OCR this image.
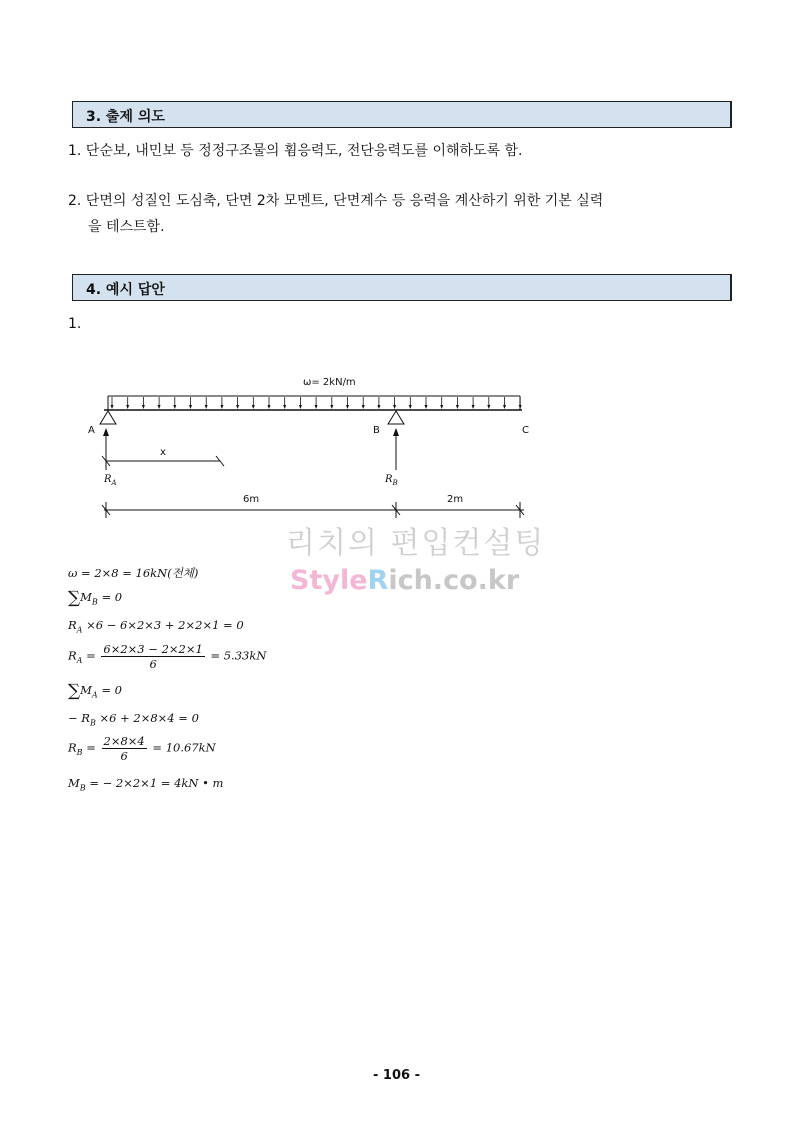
3. 출제 의도
1. 단순보, 내민보 등 정정구조물의 휨응력도, 전단응력도를 이해하도록 함.
2. 단면의 성질인 도심축, 단면 2차 모멘트, 단면계수 등 응력을 계산하기 위한 기본 실력
을 테스트함.
4. 예시 답안
1.
ω= 2kN/m
A	B	C
x
$R_A$	$R_B$
6m	2m
리치의 편입컨설팅
StyleRich.co.kr
ω = 2×8 = 16kN(전체)
$\sum M_B = 0$
$R_A \times 6 - 6\times 2\times 3 + 2\times 2\times 1 = 0$
$R_A = \frac{6\times 2\times 3 - 2\times 2\times 1}{6} = 5.33kN$
$\sum M_A = 0$
− $R_B \times 6 + 2\times 8\times 4 = 0$
$R_B = \frac{2\times 8\times 4}{6} = 10.67kN$
$M_B$ = − 2×2×1 = 4kN • m
- 106 -
